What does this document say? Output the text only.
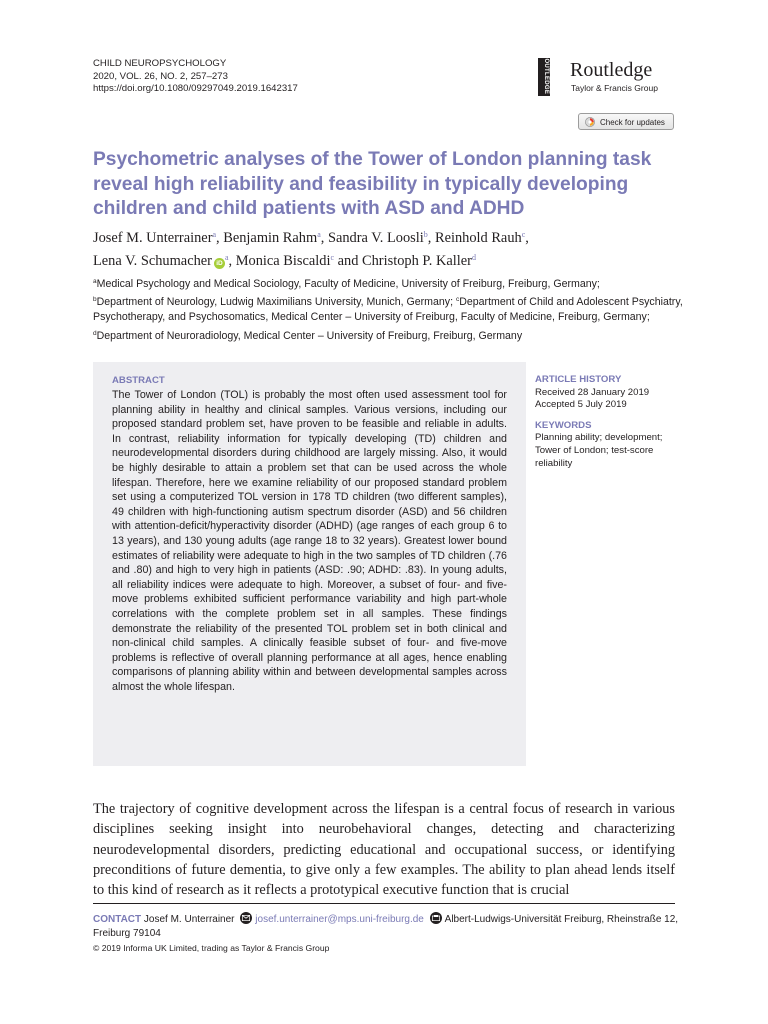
CHILD NEUROPSYCHOLOGY
2020, VOL. 26, NO. 2, 257–273
https://doi.org/10.1080/09297049.2019.1642317	ROUTLEDGE Routledge
Taylor & Francis Group
Check for updates
Psychometric analyses of the Tower of London planning task reveal high reliability and feasibility in typically developing children and child patients with ASD and ADHD
Josef M. Unterrainer$^a$, Benjamin Rahm$^a$, Sandra V. Loosli$^b$, Reinhold Rauh$^c$,
Lena V. Schumacher $iD^a$, Monica Biscaldi$^c$ and Christoph P. Kaller$^d$
$^a$Medical Psychology and Medical Sociology, Faculty of Medicine, University of Freiburg, Freiburg, Germany;
$^b$Department of Neurology, Ludwig Maximilians University, Munich, Germany; $^c$Department of Child and Adolescent Psychiatry, Psychotherapy, and Psychosomatics, Medical Center – University of Freiburg, Faculty of Medicine, Freiburg, Germany; $^d$Department of Neuroradiology, Medical Center – University of Freiburg, Freiburg, Germany
ABSTRACT

The Tower of London (TOL) is probably the most often used assessment tool for planning ability in healthy and clinical samples. Various versions, including our proposed standard problem set, have proven to be feasible and reliable in adults. In contrast, reliability information for typically developing (TD) children and neurodevelopmental disorders during childhood are largely missing. Also, it would be highly desirable to attain a problem set that can be used across the whole lifespan. Therefore, here we examine reliability of our proposed standard problem set using a computerized TOL version in 178 TD children (two different samples), 49 children with high-functioning autism spectrum disorder (ASD) and 56 children with attention-deficit/hyperactivity disorder (ADHD) (age ranges of each group 6 to 13 years), and 130 young adults (age range 18 to 32 years). Greatest lower bound estimates of reliability were adequate to high in the two samples of TD children (.76 and .80) and high to very high in patients (ASD: .90; ADHD: .83). In young adults, all reliability indices were adequate to high. Moreover, a subset of four- and five-move problems exhibited sufficient performance variability and high part-whole correlations with the complete problem set in all samples. These findings demonstrate the reliability of the presented TOL problem set in both clinical and non-clinical child samples. A clinically feasible subset of four- and five-move problems is reflective of overall planning performance at all ages, hence enabling comparisons of planning ability within and between developmental samples across almost the whole lifespan.

ARTICLE HISTORY
Received 28 January 2019
Accepted 5 July 2019
KEYWORDS
Planning ability; development; Tower of London; test-score reliability

The trajectory of cognitive development across the lifespan is a central focus of research in various disciplines seeking insight into neurobehavioral changes, detecting and characterizing neurodevelopmental disorders, predicting educational and occupational success, or identifying preconditions of future dementia, to give only a few examples. The ability to plan ahead lends itself to this kind of research as it reflects a prototypical executive function that is crucial

CONTACT Josef M. Unterrainer josef.unterrainer@mps.uni-freiburg.de Albert-Ludwigs-Universität Freiburg, Rheinstraße 12, Freiburg 79104
© 2019 Informa UK Limited, trading as Taylor & Francis Group
